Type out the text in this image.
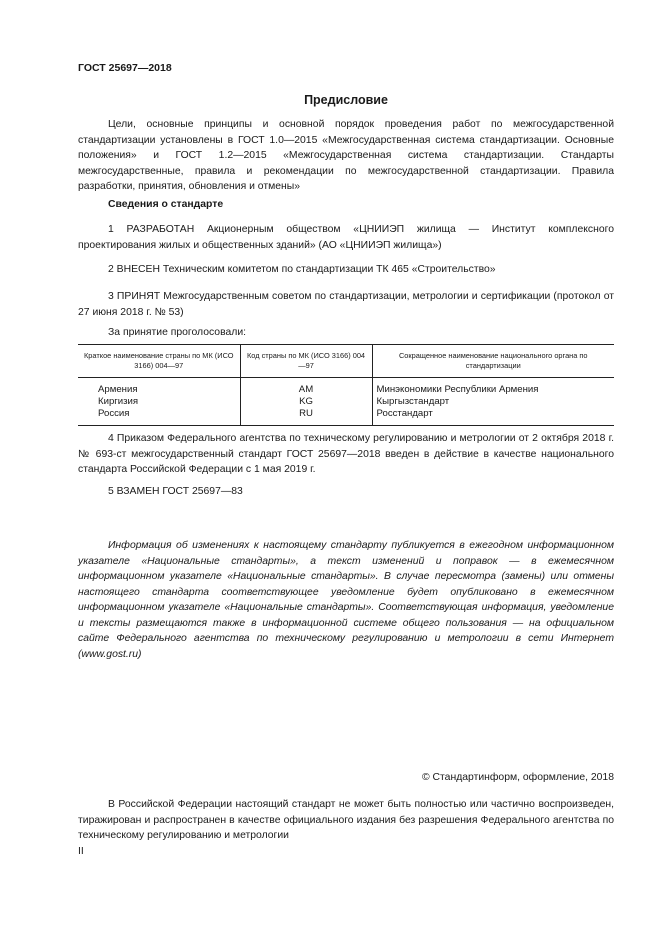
ГОСТ 25697—2018
Предисловие

Цели, основные принципы и основной порядок проведения работ по межгосударственной стандартизации установлены в ГОСТ 1.0—2015 «Межгосударственная система стандартизации. Основные положения» и ГОСТ 1.2—2015 «Межгосударственная система стандартизации. Стандарты межгосударственные, правила и рекомендации по межгосударственной стандартизации. Правила разработки, принятия, обновления и отмены»

Сведения о стандарте

1 РАЗРАБОТАН Акционерным обществом «ЦНИИЭП жилища — Институт комплексного проектирования жилых и общественных зданий» (АО «ЦНИИЭП жилища»)

2 ВНЕСЕН Техническим комитетом по стандартизации ТК 465 «Строительство»

3 ПРИНЯТ Межгосударственным советом по стандартизации, метрологии и сертификации (протокол от 27 июня 2018 г. № 53)

За принятие проголосовали:
Краткое наименование страны по МК (ИСО 3166) 004—97	Код страны по МК (ИСО 3166) 004—97	Сокращенное наименование национального органа по стандартизации
Армения	AM	Минэкономики Республики Армения
Киргизия	KG	Кыргызстандарт
Россия	RU	Росстандарт

4 Приказом Федерального агентства по техническому регулированию и метрологии от 2 октября 2018 г. № 693-ст межгосударственный стандарт ГОСТ 25697—2018 введен в действие в качестве национального стандарта Российской Федерации с 1 мая 2019 г.

5 ВЗАМЕН ГОСТ 25697—83

Информация об изменениях к настоящему стандарту публикуется в ежегодном информационном указателе «Национальные стандарты», а текст изменений и поправок — в ежемесячном информационном указателе «Национальные стандарты». В случае пересмотра (замены) или отмены настоящего стандарта соответствующее уведомление будет опубликовано в ежемесячном информационном указателе «Национальные стандарты». Соответствующая информация, уведомление и тексты размещаются также в информационной системе общего пользования — на официальном сайте Федерального агентства по техническому регулированию и метрологии в сети Интернет (www.gost.ru)

© Стандартинформ, оформление, 2018

В Российской Федерации настоящий стандарт не может быть полностью или частично воспроизведен, тиражирован и распространен в качестве официального издания без разрешения Федерального агентства по техническому регулированию и метрологии

II
